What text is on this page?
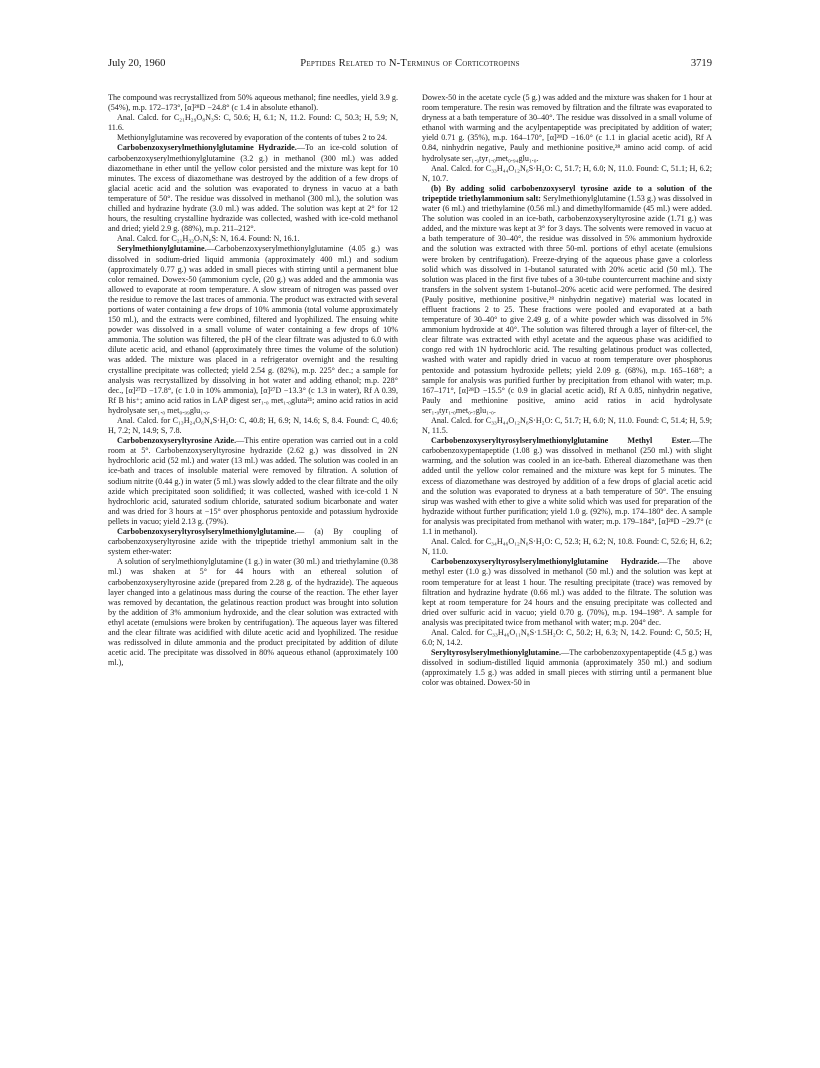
July 20, 1960	Peptides Related to N-Terminus of Corticotropins	3719

The compound was recrystallized from 50% aqueous methanol; fine needles, yield 3.9 g. (54%), m.p. 172–173°, [α]²⁸D −24.8° (c 1.4 in absolute ethanol).

Anal. Calcd. for C₂₁H₂₉O₈N₃S: C, 50.6; H, 6.1; N, 11.2. Found: C, 50.3; H, 5.9; N, 11.6.

Methionylglutamine was recovered by evaporation of the contents of tubes 2 to 24.

Carbobenzoxyserylmethionylglutamine Hydrazide.—To an ice-cold solution of carbobenzoxyserylmethionylglutamine (3.2 g.) in methanol (300 ml.) was added diazomethane in ether until the yellow color persisted and the mixture was kept for 10 minutes. The excess of diazomethane was destroyed by the addition of a few drops of glacial acetic acid and the solution was evaporated to dryness in vacuo at a bath temperature of 50°. The residue was dissolved in methanol (300 ml.), the solution was chilled and hydrazine hydrate (3.0 ml.) was added. The solution was kept at 2° for 12 hours, the resulting crystalline hydrazide was collected, washed with ice-cold methanol and dried; yield 2.9 g. (88%), m.p. 211–212°.

Anal. Calcd. for C₂₁H₃₂O₇N₆S: N, 16.4. Found: N, 16.1.

Serylmethionylglutamine.—Carbobenzoxyserylmethionylglutamine (4.05 g.) was dissolved in sodium-dried liquid ammonia (approximately 400 ml.) and sodium (approximately 0.77 g.) was added in small pieces with stirring until a permanent blue color remained. Dowex-50 (ammonium cycle, (20 g.) was added and the ammonia was allowed to evaporate at room temperature. A slow stream of nitrogen was passed over the residue to remove the last traces of ammonia. The product was extracted with several portions of water containing a few drops of 10% ammonia (total volume approximately 150 ml.), and the extracts were combined, filtered and lyophilized. The ensuing white powder was dissolved in a small volume of water containing a few drops of 10% ammonia. The solution was filtered, the pH of the clear filtrate was adjusted to 6.0 with dilute acetic acid, and ethanol (approximately three times the volume of the solution) was added. The mixture was placed in a refrigerator overnight and the resulting crystalline precipitate was collected; yield 2.54 g. (82%), m.p. 225° dec.; a sample for analysis was recrystallized by dissolving in hot water and adding ethanol; m.p. 228° dec., [α]²⁷D −17.8°, (c 1.0 in 10% ammonia), [α]²⁷D −13.3° (c 1.3 in water), Rf A 0.39, Rf B his⁺; amino acid ratios in LAP digest ser₁.₀ met₁.₀gluta²¹; amino acid ratios in acid hydrolysate ser₁.₀ met₀.₉₉glu₁.₀.

Anal. Calcd. for C₁₃H₂₄O₆N₄S·H₂O: C, 40.8; H, 6.9; N, 14.6; S, 8.4. Found: C, 40.6; H, 7.2; N, 14.9; S, 7.8.

Carbobenzoxyseryltyrosine Azide.—This entire operation was carried out in a cold room at 5°. Carbobenzoxyseryltyrosine hydrazide (2.62 g.) was dissolved in 2N hydrochloric acid (52 ml.) and water (13 ml.) was added. The solution was cooled in an ice-bath and traces of insoluble material were removed by filtration. A solution of sodium nitrite (0.44 g.) in water (5 ml.) was slowly added to the clear filtrate and the oily azide which precipitated soon solidified; it was collected, washed with ice-cold 1 N hydrochloric acid, saturated sodium chloride, saturated sodium bicarbonate and water and was dried for 3 hours at −15° over phosphorus pentoxide and potassium hydroxide pellets in vacuo; yield 2.13 g. (79%).

Carbobenzoxyseryltyrosylserylmethionylglutamine.— (a) By coupling of carbobenzoxyseryltyrosine azide with the tripeptide triethyl ammonium salt in the system ether-water:

A solution of serylmethionylglutamine (1 g.) in water (30 ml.) and triethylamine (0.38 ml.) was shaken at 5° for 44 hours with an ethereal solution of carbobenzoxyseryltyrosine azide (prepared from 2.28 g. of the hydrazide). The aqueous layer changed into a gelatinous mass during the course of the reaction. The ether layer was removed by decantation, the gelatinous reaction product was brought into solution by the addition of 3% ammonium hydroxide, and the clear solution was extracted with ethyl acetate (emulsions were broken by centrifugation). The aqueous layer was filtered and the clear filtrate was acidified with dilute acetic acid and lyophilized. The residue was redissolved in dilute ammonia and the product precipitated by addition of dilute acetic acid. The precipitate was dissolved in 80% aqueous ethanol (approximately 100 ml.),

Dowex-50 in the acetate cycle (5 g.) was added and the mixture was shaken for 1 hour at room temperature. The resin was removed by filtration and the filtrate was evaporated to dryness at a bath temperature of 30–40°. The residue was dissolved in a small volume of ethanol with warming and the acylpentapeptide was precipitated by addition of water; yield 0.71 g. (35%), m.p. 164–170°, [α]²⁸D −16.0° (c 1.1 in glacial acetic acid), Rf A 0.84, ninhydrin negative, Pauly and methionine positive,²⁸ amino acid comp. of acid hydrolysate ser₁.₉tyr₁.₀met₀.₉₄glu₁.₀.

Anal. Calcd. for C₃₃H₄₄O₁₂N₆S·H₂O: C, 51.7; H, 6.0; N, 11.0. Found: C, 51.1; H, 6.2; N, 10.7.

(b) By adding solid carbobenzoxyseryl tyrosine azide to a solution of the tripeptide triethylammonium salt: Serylmethionylglutamine (1.53 g.) was dissolved in water (6 ml.) and triethylamine (0.56 ml.) and dimethylformamide (45 ml.) were added. The solution was cooled in an ice-bath, carbobenzoxyseryltyrosine azide (1.71 g.) was added, and the mixture was kept at 3° for 3 days. The solvents were removed in vacuo at a bath temperature of 30–40°, the residue was dissolved in 5% ammonium hydroxide and the solution was extracted with three 50-ml. portions of ethyl acetate (emulsions were broken by centrifugation). Freeze-drying of the aqueous phase gave a colorless solid which was dissolved in 1-butanol saturated with 20% acetic acid (50 ml.). The solution was placed in the first five tubes of a 30-tube countercurrent machine and sixty transfers in the solvent system 1-butanol–20% acetic acid were performed. The desired (Pauly positive, methionine positive,²⁸ ninhydrin negative) material was located in effluent fractions 2 to 25. These fractions were pooled and evaporated at a bath temperature of 30–40° to give 2.49 g. of a white powder which was dissolved in 5% ammonium hydroxide at 40°. The solution was filtered through a layer of filter-cel, the clear filtrate was extracted with ethyl acetate and the aqueous phase was acidified to congo red with 1N hydrochloric acid. The resulting gelatinous product was collected, washed with water and rapidly dried in vacuo at room temperature over phosphorus pentoxide and potassium hydroxide pellets; yield 2.09 g. (68%), m.p. 165–168°; a sample for analysis was purified further by precipitation from ethanol with water; m.p. 167–171°, [α]²⁸D −15.5° (c 0.9 in glacial acetic acid), Rf A 0.85, ninhydrin negative, Pauly and methionine positive, amino acid ratios in acid hydrolysate ser₁.₉tyr₁.₀met₀.₇glu₁.₀.

Anal. Calcd. for C₃₃H₄₄O₁₂N₆S·H₂O: C, 51.7; H, 6.0; N, 11.0. Found: C, 51.4; H, 5.9; N, 11.5.

Carbobenzoxyseryltyrosylserylmethionylglutamine Methyl Ester.—The carbobenzoxypentapeptide (1.08 g.) was dissolved in methanol (250 ml.) with slight warming, and the solution was cooled in an ice-bath. Ethereal diazomethane was then added until the yellow color remained and the mixture was kept for 5 minutes. The excess of diazomethane was destroyed by addition of a few drops of glacial acetic acid and the solution was evaporated to dryness at a bath temperature of 50°. The ensuing sirup was washed with ether to give a white solid which was used for preparation of the hydrazide without further purification; yield 1.0 g. (92%), m.p. 174–180° dec. A sample for analysis was precipitated from methanol with water; m.p. 179–184°, [α]²⁸D −29.7° (c 1.1 in methanol).

Anal. Calcd. for C₃₄H₄₆O₁₂N₆S·H₂O: C, 52.3; H, 6.2; N, 10.8. Found: C, 52.6; H, 6.2; N, 11.0.

Carbobenzoxyseryltyrosylserylmethionylglutamine Hydrazide.—The above methyl ester (1.0 g.) was dissolved in methanol (50 ml.) and the solution was kept at room temperature for at least 1 hour. The resulting precipitate (trace) was removed by filtration and hydrazine hydrate (0.66 ml.) was added to the filtrate. The solution was kept at room temperature for 24 hours and the ensuing precipitate was collected and dried over sulfuric acid in vacuo; yield 0.70 g. (70%), m.p. 194–198°. A sample for analysis was precipitated twice from methanol with water; m.p. 204° dec.

Anal. Calcd. for C₃₃H₄₆O₁₁N₈S·1.5H₂O: C, 50.2; H, 6.3; N, 14.2. Found: C, 50.5; H, 6.0; N, 14.2.

Seryltyrosylserylmethionylglutamine.—The carbobenzoxypentapeptide (4.5 g.) was dissolved in sodium-distilled liquid ammonia (approximately 350 ml.) and sodium (approximately 1.5 g.) was added in small pieces with stirring until a permanent blue color was obtained. Dowex-50 in
